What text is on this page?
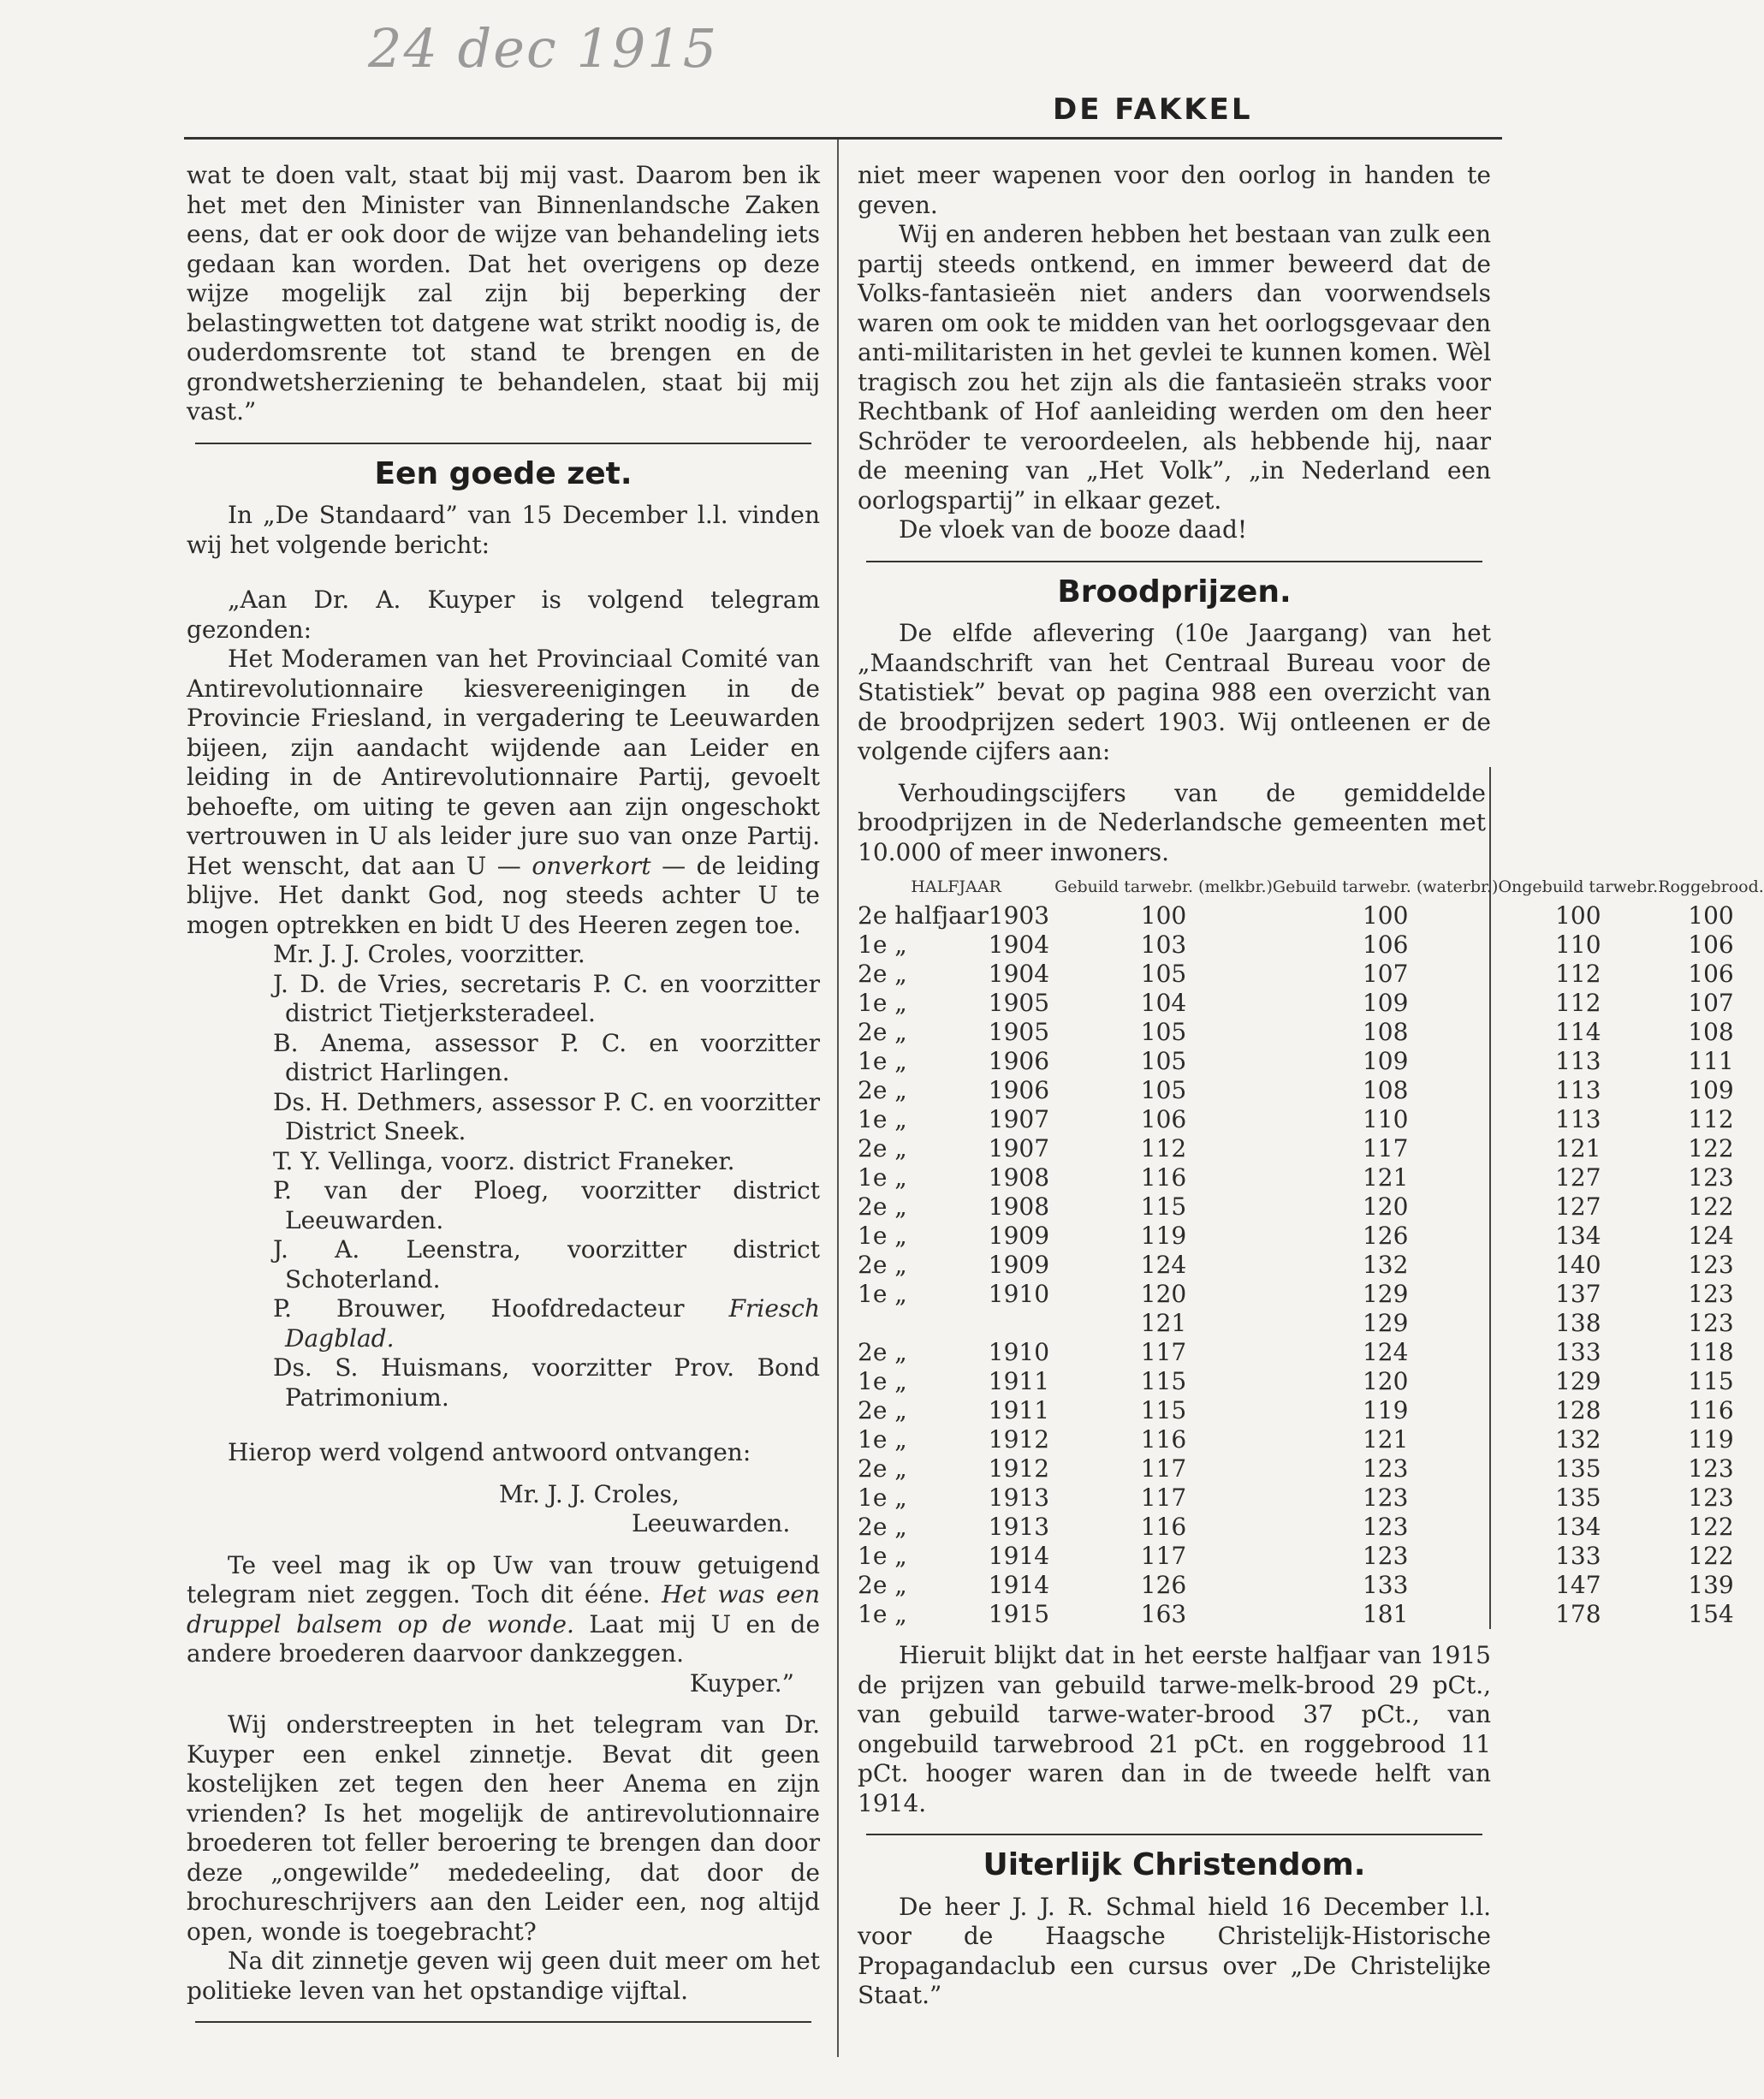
24 dec 1915
DE FAKKEL

wat te doen valt, staat bij mij vast. Daarom ben ik het met den Minister van Binnenlandsche Zaken eens, dat er ook door de wijze van behandeling iets gedaan kan worden. Dat het overigens op deze wijze mogelijk zal zijn bij beperking der belastingwetten tot datgene wat strikt noodig is, de ouderdomsrente tot stand te brengen en de grondwetsherziening te behandelen, staat bij mij vast.”

Een goede zet.

In „De Standaard” van 15 December l.l. vinden wij het volgende bericht:

„Aan Dr. A. Kuyper is volgend telegram gezonden:

Het Moderamen van het Provinciaal Comité van Antirevolutionnaire kiesvereenigingen in de Provincie Friesland, in vergadering te Leeuwarden bijeen, zijn aandacht wijdende aan Leider en leiding in de Antirevolutionnaire Partij, gevoelt behoefte, om uiting te geven aan zijn ongeschokt vertrouwen in U als leider jure suo van onze Partij. Het wenscht, dat aan U — onverkort — de leiding blijve. Het dankt God, nog steeds achter U te mogen optrekken en bidt U des Heeren zegen toe.

Mr. J. J. Croles, voorzitter.

J. D. de Vries, secretaris P. C. en voorzitter district Tietjerksteradeel.

B. Anema, assessor P. C. en voorzitter district Harlingen.

Ds. H. Dethmers, assessor P. C. en voorzitter District Sneek.

T. Y. Vellinga, voorz. district Franeker.

P. van der Ploeg, voorzitter district Leeuwarden.

J. A. Leenstra, voorzitter district Schoterland.

P. Brouwer, Hoofdredacteur Friesch Dagblad.

Ds. S. Huismans, voorzitter Prov. Bond Patrimonium.

Hierop werd volgend antwoord ontvangen:

Mr. J. J. Croles,

Leeuwarden.

Te veel mag ik op Uw van trouw getuigend telegram niet zeggen. Toch dit ééne. Het was een druppel balsem op de wonde. Laat mij U en de andere broederen daarvoor dankzeggen.

Kuyper.”

Wij onderstreepten in het telegram van Dr. Kuyper een enkel zinnetje. Bevat dit geen kostelijken zet tegen den heer Anema en zijn vrienden? Is het mogelijk de antirevolutionnaire broederen tot feller beroering te brengen dan door deze „ongewilde” mededeeling, dat door de brochureschrijvers aan den Leider een, nog altijd open, wonde is toegebracht?

Na dit zinnetje geven wij geen duit meer om het politieke leven van het opstandige vijftal.

niet meer wapenen voor den oorlog in handen te geven.

Wij en anderen hebben het bestaan van zulk een partij steeds ontkend, en immer beweerd dat de Volks-fantasieën niet anders dan voorwendsels waren om ook te midden van het oorlogsgevaar den anti-militaristen in het gevlei te kunnen komen. Wèl tragisch zou het zijn als die fantasieën straks voor Rechtbank of Hof aanleiding werden om den heer Schröder te veroordeelen, als hebbende hij, naar de meening van „Het Volk”, „in Nederland een oorlogspartij” in elkaar gezet.

De vloek van de booze daad!

Broodprijzen.

De elfde aflevering (10e Jaargang) van het „Maandschrift van het Centraal Bureau voor de Statistiek” bevat op pagina 988 een overzicht van de broodprijzen sedert 1903. Wij ontleenen er de volgende cijfers aan:

Verhoudingscijfers van de gemiddelde broodprijzen in de Nederlandsche gemeenten met 10.000 of meer inwoners.

HALFJAAR		Gebuild tarwebr. (melkbr.)	Gebuild tarwebr. (waterbr.)	Ongebuild tarwebr.	Roggebrood.
2e halfjaar	1903	100	100	100	100
1e „	1904	103	106	110	106
2e „	1904	105	107	112	106
1e „	1905	104	109	112	107
2e „	1905	105	108	114	108
1e „	1906	105	109	113	111
2e „	1906	105	108	113	109
1e „	1907	106	110	113	112
2e „	1907	112	117	121	122
1e „	1908	116	121	127	123
2e „	1908	115	120	127	122
1e „	1909	119	126	134	124
2e „	1909	124	132	140	123
1e „	1910	120	129	137	123
		121	129	138	123
2e „	1910	117	124	133	118
1e „	1911	115	120	129	115
2e „	1911	115	119	128	116
1e „	1912	116	121	132	119
2e „	1912	117	123	135	123
1e „	1913	117	123	135	123
2e „	1913	116	123	134	122
1e „	1914	117	123	133	122
2e „	1914	126	133	147	139
1e „	1915	163	181	178	154

Hieruit blijkt dat in het eerste halfjaar van 1915 de prijzen van gebuild tarwe-melk-brood 29 pCt., van gebuild tarwe-water-brood 37 pCt., van ongebuild tarwebrood 21 pCt. en roggebrood 11 pCt. hooger waren dan in de tweede helft van 1914.

Uiterlijk Christendom.

De heer J. J. R. Schmal hield 16 December l.l. voor de Haagsche Christelijk-Historische Propagandaclub een cursus over „De Christelijke Staat.”
